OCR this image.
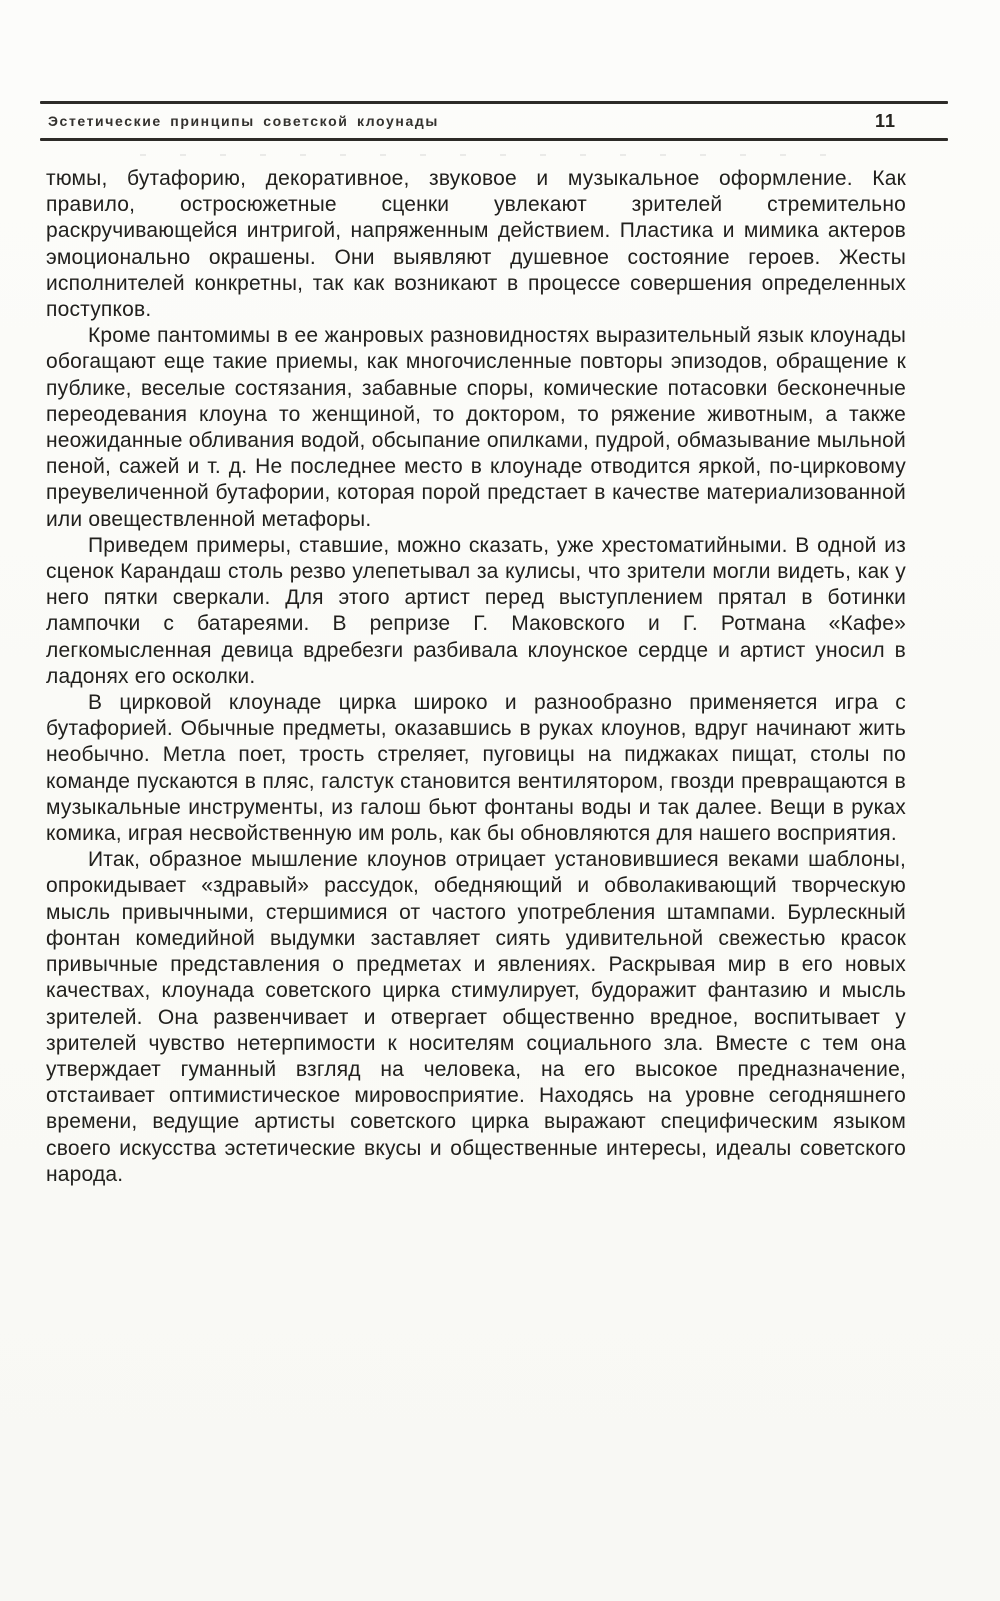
Эстетические принципы советской клоунады	11

тюмы, бутафорию, декоративное, звуковое и музыкальное оформление. Как правило, остросюжетные сценки увлекают зрителей стремительно раскручивающейся интригой, напряженным действием. Пластика и мимика актеров эмоционально окрашены. Они выявляют душевное состояние героев. Жесты исполнителей конкретны, так как возникают в процессе совершения определенных поступков.

Кроме пантомимы в ее жанровых разновидностях выразительный язык клоунады обогащают еще такие приемы, как многочисленные повторы эпизодов, обращение к публике, веселые состязания, забавные споры, комические потасовки бесконечные переодевания клоуна то женщиной, то доктором, то ряжение животным, а также неожиданные обливания водой, обсыпание опилками, пудрой, обмазывание мыльной пеной, сажей и т. д. Не последнее место в клоунаде отводится яркой, по-цирковому преувеличенной бутафории, которая порой предстает в качестве материализованной или овеществленной метафоры.

Приведем примеры, ставшие, можно сказать, уже хрестоматийными. В одной из сценок Карандаш столь резво улепетывал за кулисы, что зрители могли видеть, как у него пятки сверкали. Для этого артист перед выступлением прятал в ботинки лампочки с батареями. В репризе Г. Маковского и Г. Ротмана «Кафе» легкомысленная девица вдребезги разбивала клоунское сердце и артист уносил в ладонях его осколки.

В цирковой клоунаде цирка широко и разнообразно применяется игра с бутафорией. Обычные предметы, оказавшись в руках клоунов, вдруг начинают жить необычно. Метла поет, трость стреляет, пуговицы на пиджаках пищат, столы по команде пускаются в пляс, галстук становится вентилятором, гвозди превращаются в музыкальные инструменты, из галош бьют фонтаны воды и так далее. Вещи в руках комика, играя несвойственную им роль, как бы обновляются для нашего восприятия.

Итак, образное мышление клоунов отрицает установившиеся веками шаблоны, опрокидывает «здравый» рассудок, обедняющий и обволакивающий творческую мысль привычными, стершимися от частого употребления штампами. Бурлескный фонтан комедийной выдумки заставляет сиять удивительной свежестью красок привычные представления о предметах и явлениях. Раскрывая мир в его новых качествах, клоунада советского цирка стимулирует, будоражит фантазию и мысль зрителей. Она развенчивает и отвергает общественно вредное, воспитывает у зрителей чувство нетерпимости к носителям социального зла. Вместе с тем она утверждает гуманный взгляд на человека, на его высокое предназначение, отстаивает оптимистическое мировосприятие. Находясь на уровне сегодняшнего времени, ведущие артисты советского цирка выражают специфическим языком своего искусства эстетические вкусы и общественные интересы, идеалы советского народа.
